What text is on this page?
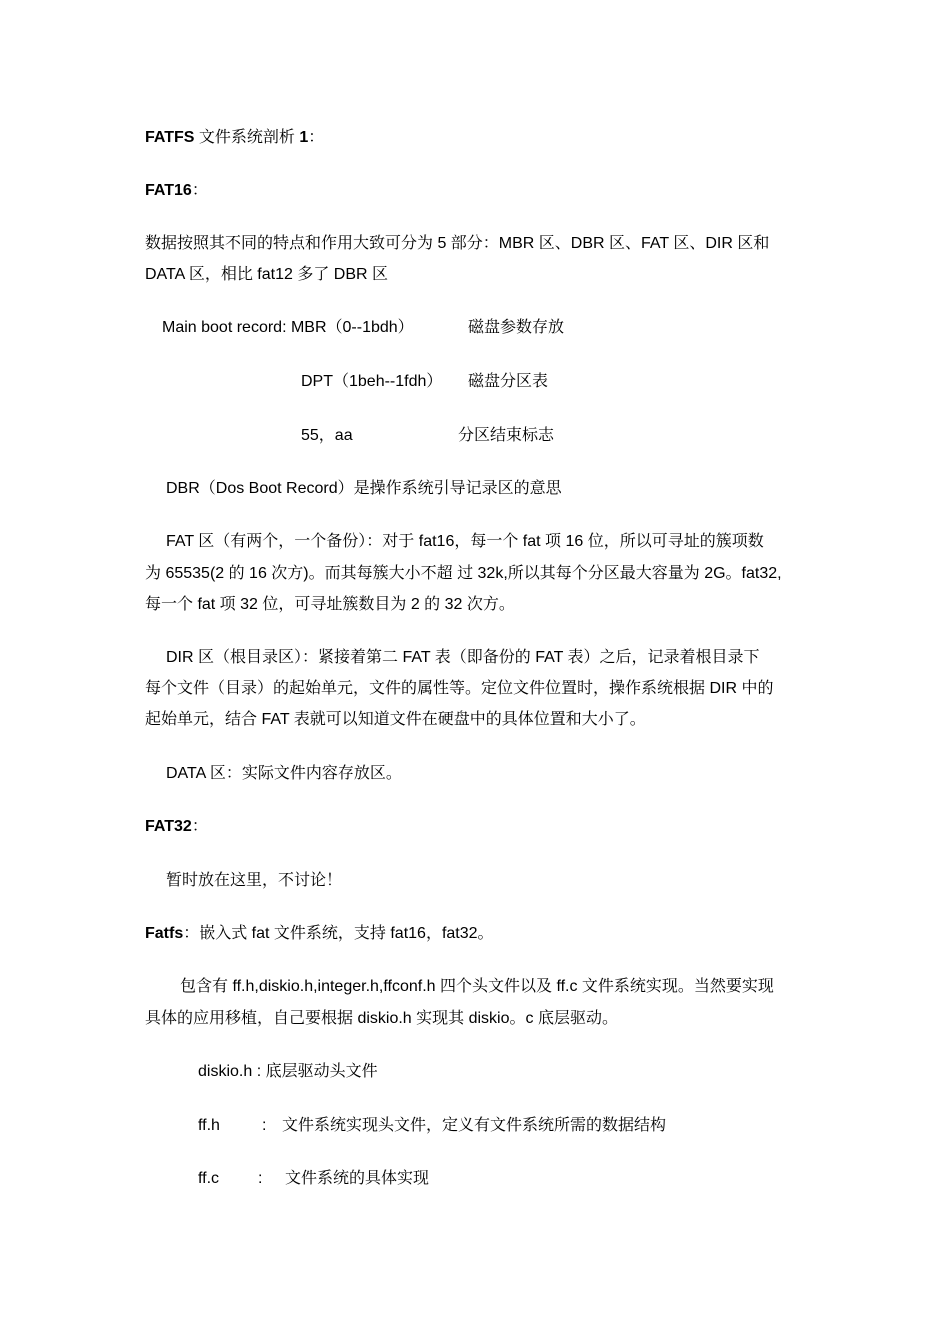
FATFS 文件系统剖析 1：
FAT16：
数据按照其不同的特点和作用大致可分为 5 部分：MBR 区、DBR 区、FAT 区、DIR 区和
DATA 区，相比 fat12 多了 DBR 区
Main boot record: MBR（0--1bdh）	磁盘参数存放
DPT（1beh--1fdh） 磁盘分区表
55，aa	分区结束标志
DBR（Dos Boot Record）是操作系统引导记录区的意思
FAT 区（有两个，一个备份）：对于 fat16，每一个 fat 项 16 位，所以可寻址的簇项数
为 65535(2 的 16 次方)。而其每簇大小不超 过 32k,所以其每个分区最大容量为 2G。fat32,
每一个 fat 项 32 位，可寻址簇数目为 2 的 32 次方。
DIR 区（根目录区）：紧接着第二 FAT 表（即备份的 FAT 表）之后，记录着根目录下
每个文件（目录）的起始单元，文件的属性等。定位文件位置时，操作系统根据 DIR 中的
起始单元，结合 FAT 表就可以知道文件在硬盘中的具体位置和大小了。
DATA 区：实际文件内容存放区。
FAT32：
暂时放在这里，不讨论！
Fatfs：嵌入式 fat 文件系统，支持 fat16，fat32。
包含有 ff.h,diskio.h,integer.h,ffconf.h 四个头文件以及 ff.c 文件系统实现。当然要实现
具体的应用移植，自己要根据 diskio.h 实现其 diskio。c 底层驱动。
diskio.h : 底层驱动头文件
ff.h	: 文件系统实现头文件，定义有文件系统所需的数据结构
ff.c : 文件系统的具体实现
